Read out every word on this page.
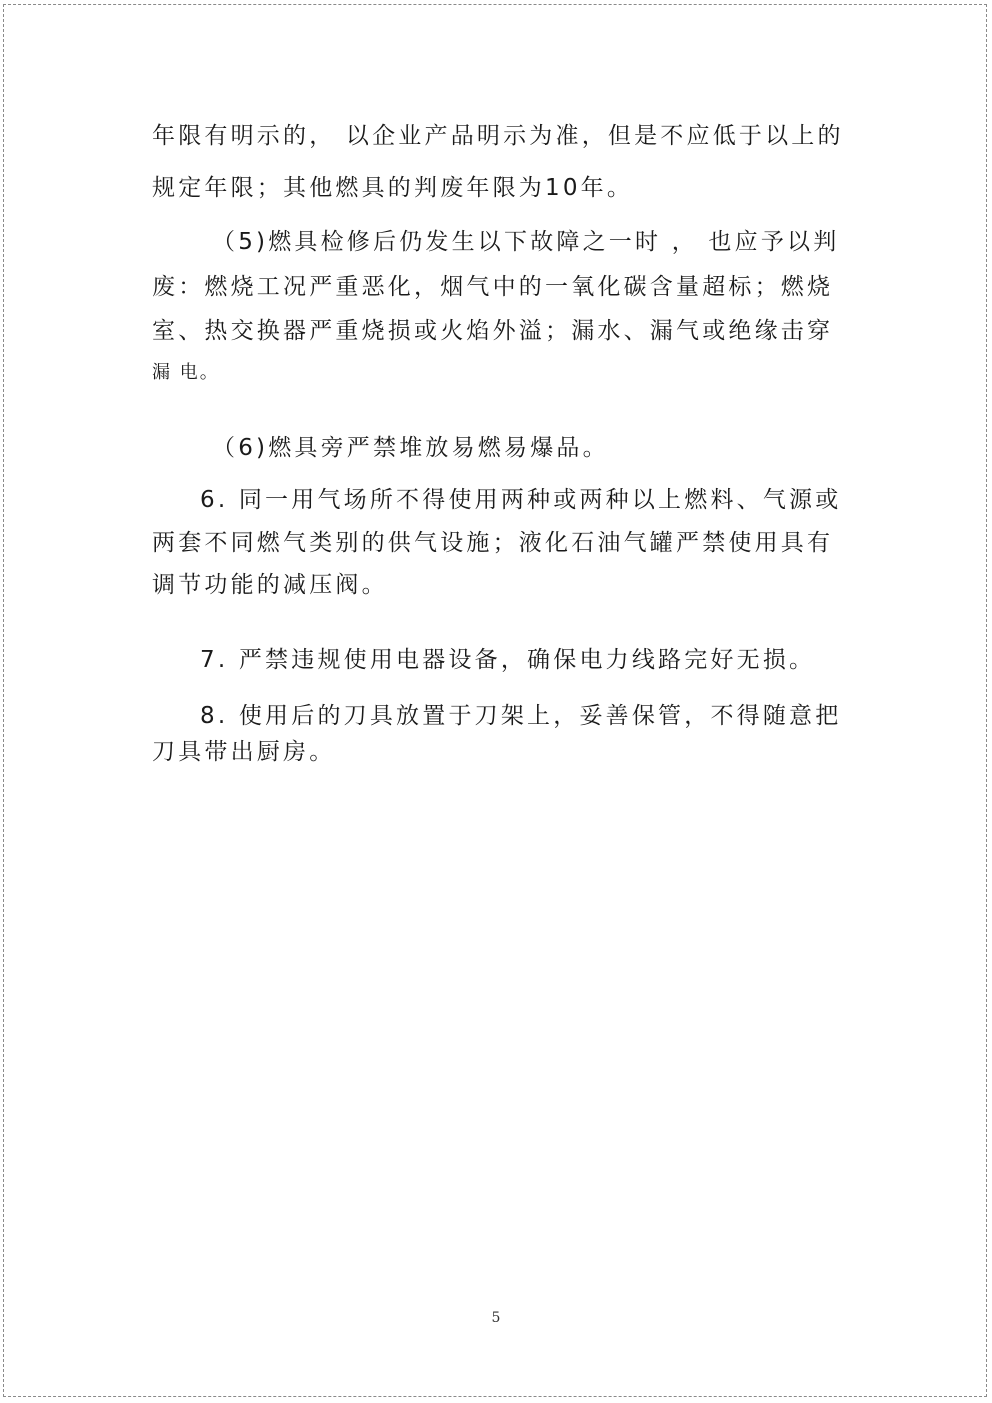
年限有明示的， 以企业产品明示为准，但是不应低于以上的
规定年限；其他燃具的判废年限为10年。
（5)燃具检修后仍发生以下故障之一时 ， 也应予以判
废：燃烧工况严重恶化，烟气中的一氧化碳含量超标；燃烧
室、热交换器严重烧损或火焰外溢；漏水、漏气或绝缘击穿
漏 电。
（6)燃具旁严禁堆放易燃易爆品。
6. 同一用气场所不得使用两种或两种以上燃料、气源或
两套不同燃气类别的供气设施；液化石油气罐严禁使用具有
调节功能的减压阀。
7. 严禁违规使用电器设备，确保电力线路完好无损。
8. 使用后的刀具放置于刀架上，妥善保管，不得随意把
刀具带出厨房。
5
